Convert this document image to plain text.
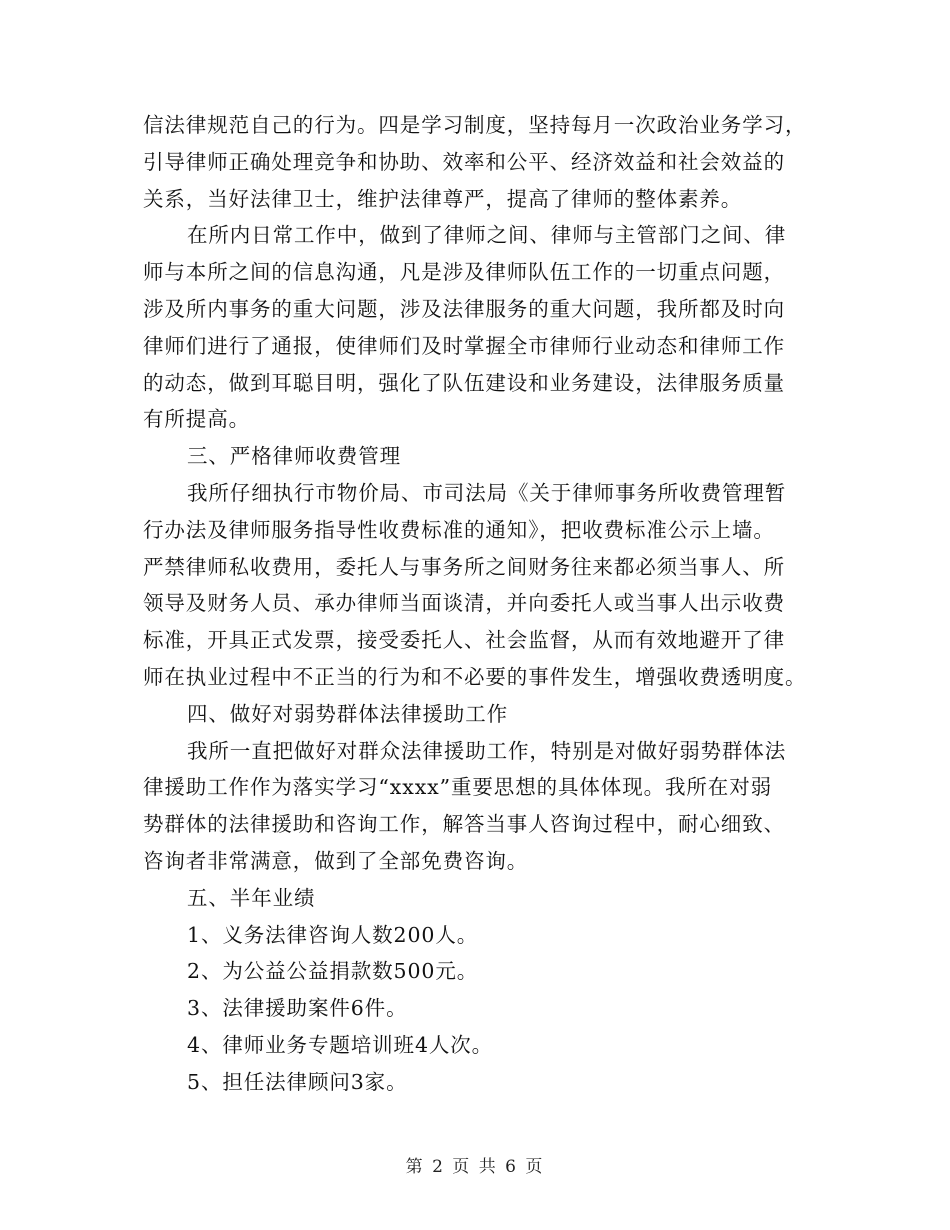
信法律规范自己的行为。四是学习制度，坚持每月一次政治业务学习，
引导律师正确处理竞争和协助、效率和公平、经济效益和社会效益的
关系，当好法律卫士，维护法律尊严，提高了律师的整体素养。
在所内日常工作中，做到了律师之间、律师与主管部门之间、律
师与本所之间的信息沟通，凡是涉及律师队伍工作的一切重点问题，
涉及所内事务的重大问题，涉及法律服务的重大问题，我所都及时向
律师们进行了通报，使律师们及时掌握全市律师行业动态和律师工作
的动态，做到耳聪目明，强化了队伍建设和业务建设，法律服务质量
有所提高。
三、严格律师收费管理
我所仔细执行市物价局、市司法局《关于律师事务所收费管理暂
行办法及律师服务指导性收费标准的通知》，把收费标准公示上墙。
严禁律师私收费用，委托人与事务所之间财务往来都必须当事人、所
领导及财务人员、承办律师当面谈清，并向委托人或当事人出示收费
标准，开具正式发票，接受委托人、社会监督，从而有效地避开了律
师在执业过程中不正当的行为和不必要的事件发生，增强收费透明度。
四、做好对弱势群体法律援助工作
我所一直把做好对群众法律援助工作，特别是对做好弱势群体法
律援助工作作为落实学习“xxxx”重要思想的具体体现。我所在对弱
势群体的法律援助和咨询工作，解答当事人咨询过程中，耐心细致、
咨询者非常满意，做到了全部免费咨询。
五、半年业绩
1、义务法律咨询人数200人。
2、为公益公益捐款数500元。
3、法律援助案件6件。
4、律师业务专题培训班4人次。
5、担任法律顾问3家。
第 2 页 共 6 页
